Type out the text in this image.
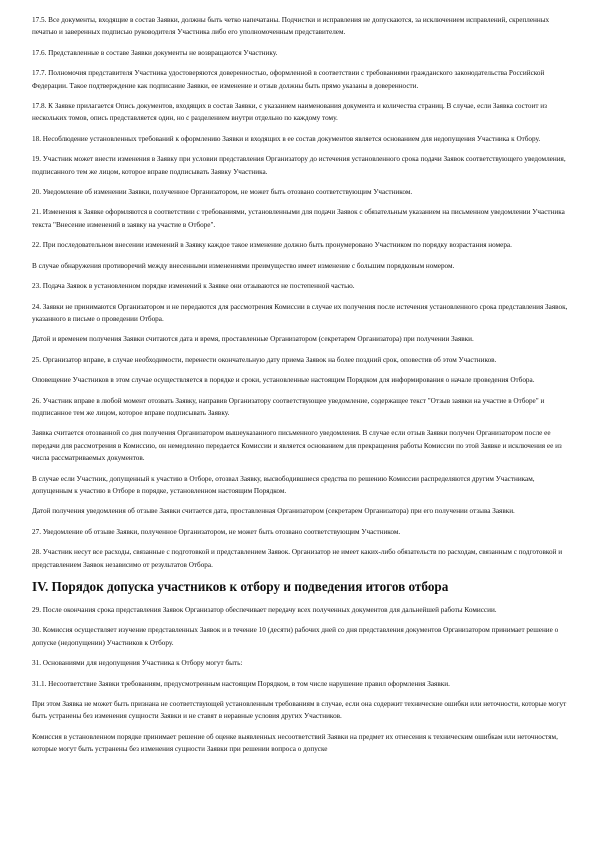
17.5. Все документы, входящие в состав Заявки, должны быть четко напечатаны. Подчистки и исправления не допускаются, за исключением исправлений, скрепленных печатью и заверенных подписью руководителя Участника либо его уполномоченным представителем.

17.6. Представленные в составе Заявки документы не возвращаются Участнику.

17.7. Полномочия представителя Участника удостоверяются доверенностью, оформленной в соответствии с требованиями гражданского законодательства Российской Федерации. Такое подтверждение как подписание Заявки, ее изменение и отзыв должны быть прямо указаны в доверенности.

17.8. К Заявке прилагается Опись документов, входящих в состав Заявки, с указанием наименования документа и количества страниц. В случае, если Заявка состоит из нескольких томов, опись представляется один, но с разделением внутри отдельно по каждому тому.

18. Несоблюдение установленных требований к оформлению Заявки и входящих в ее состав документов является основанием для недопущения Участника к Отбору.

19. Участник может внести изменения в Заявку при условии представления Организатору до истечения установленного срока подачи Заявок соответствующего уведомления, подписанного тем же лицом, которое вправе подписывать Заявку Участника.

20. Уведомление об изменении Заявки, полученное Организатором, не может быть отозвано соответствующим Участником.

21. Изменения к Заявке оформляются в соответствии с требованиями, установленными для подачи Заявок с обязательным указанием на письменном уведомлении Участника текста "Внесение изменений в заявку на участие в Отборе".

22. При последовательном внесении изменений в Заявку каждое такое изменение должно быть пронумеровано Участником по порядку возрастания номера.

В случае обнаружения противоречий между внесенными изменениями преимущество имеет изменение с большим порядковым номером.

23. Подача Заявок в установленном порядке изменений к Заявке они отзываются не постепенной частью.

24. Заявки не принимаются Организатором и не передаются для рассмотрения Комиссии в случае их получения после истечения установленного срока представления Заявок, указанного в письме о проведении Отбора.

Датой и временем получения Заявки считаются дата и время, проставленные Организатором (секретарем Организатора) при получении Заявки.

25. Организатор вправе, в случае необходимости, перенести окончательную дату приема Заявок на более поздний срок, оповестив об этом Участников.

Оповещение Участников в этом случае осуществляется в порядке и сроки, установленные настоящим Порядком для информирования о начале проведения Отбора.

26. Участник вправе в любой момент отозвать Заявку, направив Организатору соответствующее уведомление, содержащее текст "Отзыв заявки на участие в Отборе" и подписанное тем же лицом, которое вправе подписывать Заявку.

Заявка считается отозванной со дня получения Организатором вышеуказанного письменного уведомления. В случае если отзыв Заявки получен Организатором после ее передачи для рассмотрения в Комиссию, он немедленно передается Комиссии и является основанием для прекращения работы Комиссии по этой Заявке и исключения ее из числа рассматриваемых документов.

В случае если Участник, допущенный к участию в Отборе, отозвал Заявку, высвободившиеся средства по решению Комиссии распределяются другим Участникам, допущенным к участию в Отборе в порядке, установленном настоящим Порядком.

Датой получения уведомления об отзыве Заявки считается дата, проставленная Организатором (секретарем Организатора) при его получении отзыва Заявки.

27. Уведомление об отзыве Заявки, полученное Организатором, не может быть отозвано соответствующим Участником.

28. Участник несут все расходы, связанные с подготовкой и представлением Заявок. Организатор не имеет каких-либо обязательств по расходам, связанным с подготовкой и представлением Заявок независимо от результатов Отбора.

IV. Порядок допуска участников к отбору и подведения итогов отбора

29. После окончания срока представления Заявок Организатор обеспечивает передачу всех полученных документов для дальнейшей работы Комиссии.

30. Комиссия осуществляет изучение представленных Заявок и в течение 10 (десяти) рабочих дней со дня представления документов Организатором принимает решение о допуске (недопущении) Участников к Отбору.

31. Основаниями для недопущения Участника к Отбору могут быть:

31.1. Несоответствие Заявки требованиям, предусмотренным настоящим Порядком, в том числе нарушение правил оформления Заявки.

При этом Заявка не может быть признана не соответствующей установленным требованиям в случае, если она содержит технические ошибки или неточности, которые могут быть устранены без изменения сущности Заявки и не ставят в неравные условия других Участников.

Комиссия в установленном порядке принимает решение об оценке выявленных несоответствий Заявки на предмет их отнесения к техническим ошибкам или неточностям, которые могут быть устранены без изменения сущности Заявки при решении вопроса о допуске
